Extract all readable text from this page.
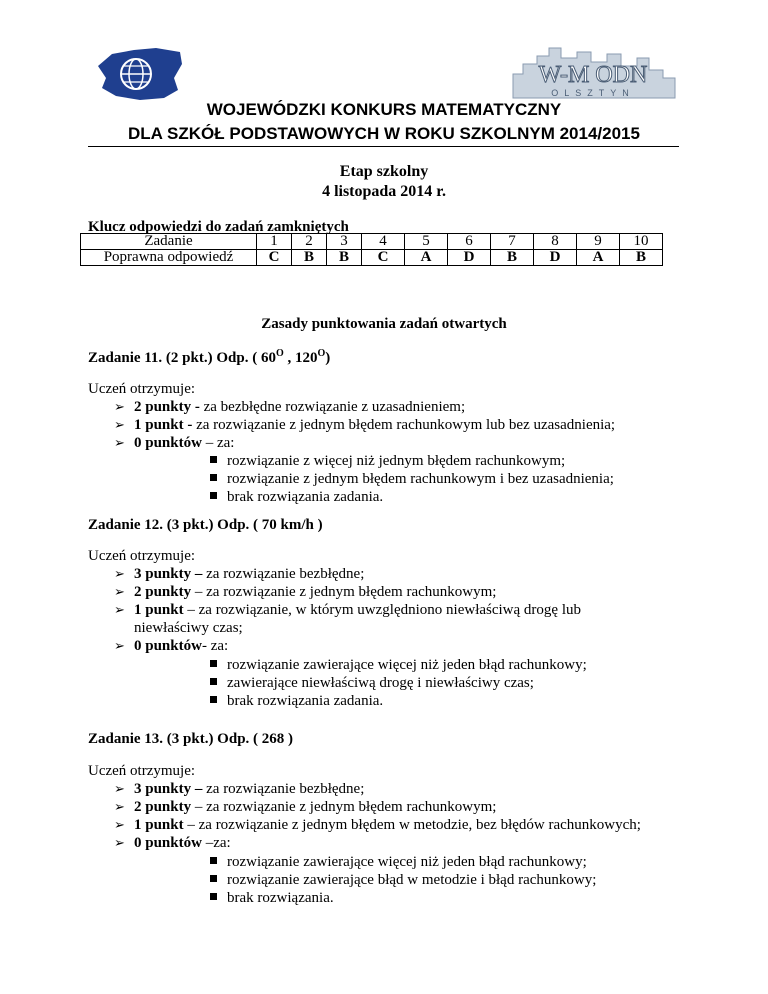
W-M ODN
OLSZTYN
WOJEWÓDZKI KONKURS MATEMATYCZNY
DLA SZKÓŁ PODSTAWOWYCH W ROKU SZKOLNYM 2014/2015
Etap szkolny
4 listopada 2014 r.
Klucz odpowiedzi do zadań zamkniętych
Zadanie	1	2	3	4	5	6	7	8	9	10
Poprawna odpowiedź	C	B	B	C	A	D	B	D	A	B
Zasady punktowania zadań otwartych
Zadanie 11. (2 pkt.) Odp. ( $60^O$ , $120^O$)
Uczeń otrzymuje:
➢ 2 punkty - za bezbłędne rozwiązanie z uzasadnieniem;
➢ 1 punkt - za rozwiązanie z jednym błędem rachunkowym lub bez uzasadnienia;
➢ 0 punktów – za:
rozwiązanie z więcej niż jednym błędem rachunkowym;
rozwiązanie z jednym błędem rachunkowym i bez uzasadnienia;
brak rozwiązania zadania.
Zadanie 12. (3 pkt.) Odp. ( 70 km/h )
Uczeń otrzymuje:
➢ 3 punkty – za rozwiązanie bezbłędne;
➢ 2 punkty – za rozwiązanie z jednym błędem rachunkowym;
➢ 1 punkt – za rozwiązanie, w którym uwzględniono niewłaściwą drogę lub
niewłaściwy czas;
➢ 0 punktów- za:
rozwiązanie zawierające więcej niż jeden błąd rachunkowy;
zawierające niewłaściwą drogę i niewłaściwy czas;
brak rozwiązania zadania.
Zadanie 13. (3 pkt.) Odp. ( 268 )
Uczeń otrzymuje:
➢ 3 punkty – za rozwiązanie bezbłędne;
➢ 2 punkty – za rozwiązanie z jednym błędem rachunkowym;
➢ 1 punkt – za rozwiązanie z jednym błędem w metodzie, bez błędów rachunkowych;
➢ 0 punktów –za:
rozwiązanie zawierające więcej niż jeden błąd rachunkowy;
rozwiązanie zawierające błąd w metodzie i błąd rachunkowy;
brak rozwiązania.
